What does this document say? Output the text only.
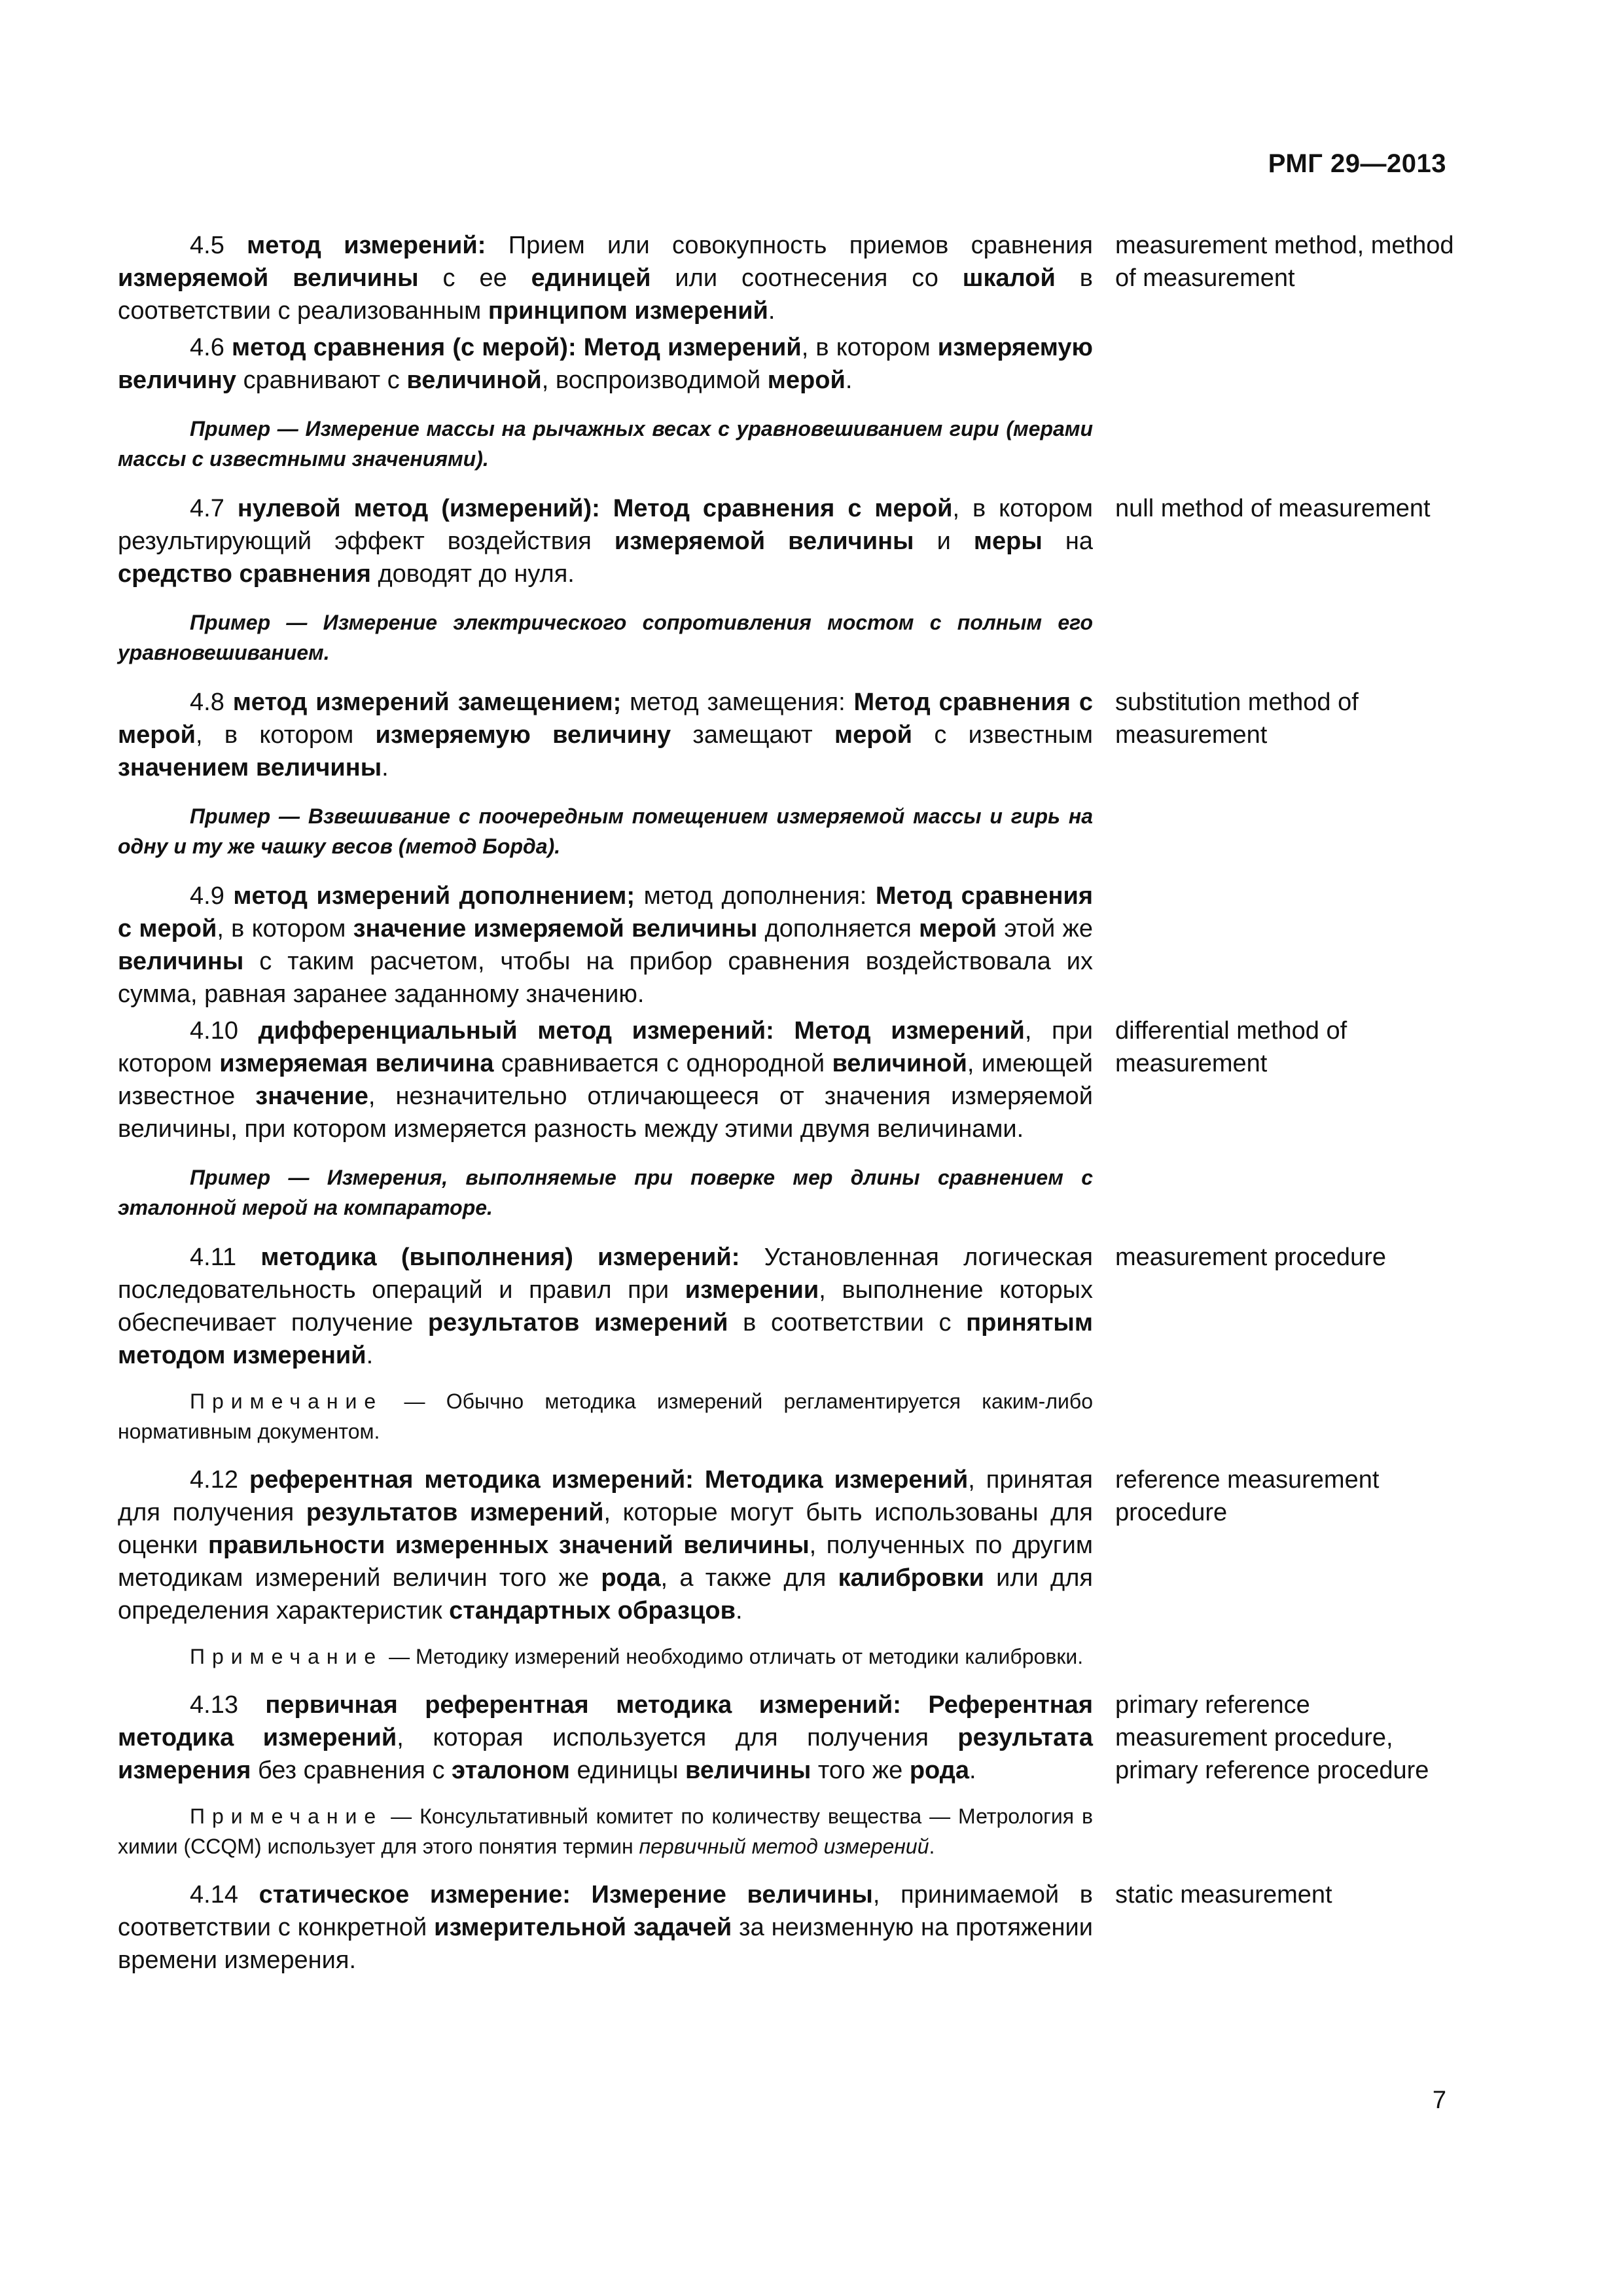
РМГ 29—2013

4.5 метод измерений: Прием или совокупность приемов сравнения измеряемой величины с ее единицей или соотнесения со шкалой в соответствии с реализованным принципом измерений.

measurement method, method of measurement

4.6 метод сравнения (с мерой): Метод измерений, в котором измеряемую величину сравнивают с величиной, воспроизводимой мерой.

Пример — Измерение массы на рычажных весах с уравновешиванием гири (мерами массы с известными значениями).

4.7 нулевой метод (измерений): Метод сравнения с мерой, в котором результирующий эффект воздействия измеряемой величины и меры на средство сравнения доводят до нуля.

Пример — Измерение электрического сопротивления мостом с полным его уравновешиванием.

null method of measurement

4.8 метод измерений замещением; метод замещения: Метод сравнения с мерой, в котором измеряемую величину замещают мерой с известным значением величины.

Пример — Взвешивание с поочередным помещением измеряемой массы и гирь на одну и ту же чашку весов (метод Борда).

substitution method of measurement

4.9 метод измерений дополнением; метод дополнения: Метод сравнения с мерой, в котором значение измеряемой величины дополняется мерой этой же величины с таким расчетом, чтобы на прибор сравнения воздействовала их сумма, равная заранее заданному значению.

4.10 дифференциальный метод измерений: Метод измерений, при котором измеряемая величина сравнивается с однородной величиной, имеющей известное значение, незначительно отличающееся от значения измеряемой величины, при котором измеряется разность между этими двумя величинами.

Пример — Измерения, выполняемые при поверке мер длины сравнением с эталонной мерой на компараторе.

differential method of measurement

4.11 методика (выполнения) измерений: Установленная логическая последовательность операций и правил при измерении, выполнение которых обеспечивает получение результатов измерений в соответствии с принятым методом измерений.

Примечание — Обычно методика измерений регламентируется каким-либо нормативным документом.

measurement procedure

4.12 референтная методика измерений: Методика измерений, принятая для получения результатов измерений, которые могут быть использованы для оценки правильности измеренных значений величины, полученных по другим методикам измерений величин того же рода, а также для калибровки или для определения характеристик стандартных образцов.

Примечание — Методику измерений необходимо отличать от методики калибровки.

reference measurement procedure

4.13 первичная референтная методика измерений: Референтная методика измерений, которая используется для получения результата измерения без сравнения с эталоном единицы величины того же рода.

Примечание — Консультативный комитет по количеству вещества — Метрология в химии (CCQM) использует для этого понятия термин первичный метод измерений.

primary reference measurement procedure, primary reference procedure

4.14 статическое измерение: Измерение величины, принимаемой в соответствии с конкретной измерительной задачей за неизменную на протяжении времени измерения.

static measurement
7
